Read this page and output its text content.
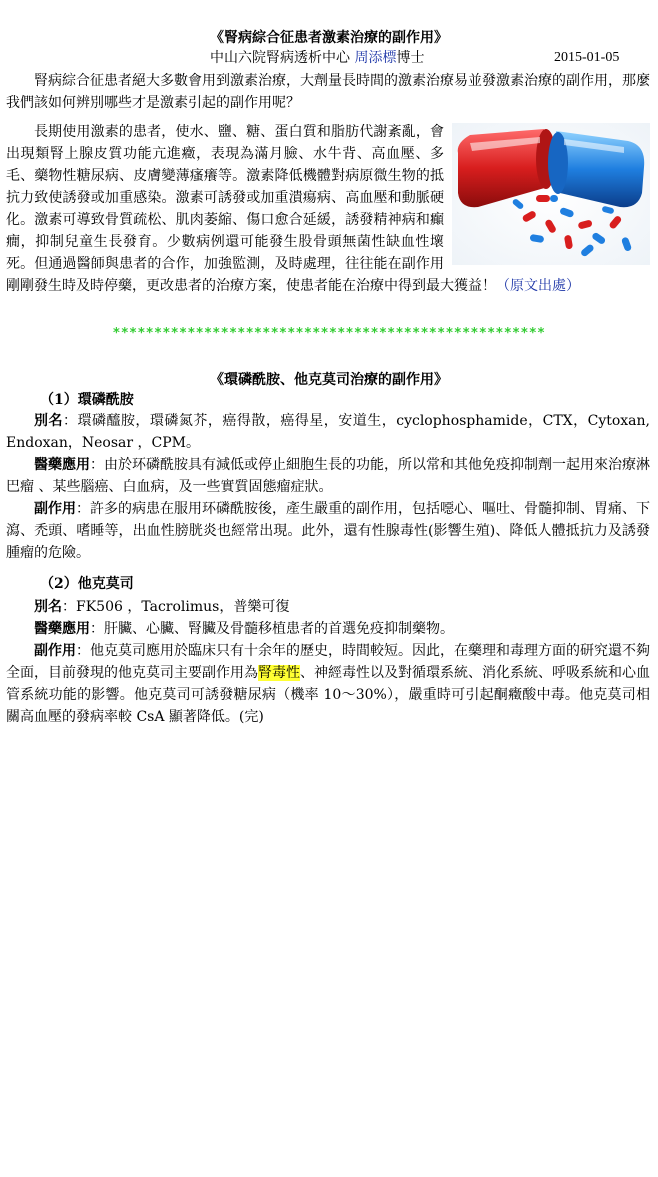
《腎病綜合征患者激素治療的副作用》
中山六院腎病透析中心 周添標博士	2015-01-05
腎病綜合征患者絕大多數會用到激素治療，大劑量長時間的激素治療易並發激素治療的副作用，那麼我們該如何辨別哪些才是激素引起的副作用呢？
長期使用激素的患者，使水、鹽、糖、蛋白質和脂肪代謝紊亂，會出現類腎上腺皮質功能亢進癥，表現為滿月臉、水牛背、高血壓、多毛、藥物性糖尿病、皮膚變薄瘙癢等。激素降低機體對病原微生物的抵抗力致使誘發或加重感染。激素可誘發或加重潰瘍病、高血壓和動脈硬化。激素可導致骨質疏松、肌肉萎縮、傷口愈合延緩，誘發精神病和癲癇，抑制兒童生長發育。少數病例還可能發生股骨頭無菌性缺血性壞死。但通過醫師與患者的合作，加強監測，及時處理，往往能在副作用剛剛發生時及時停藥，更改患者的治療方案，使患者能在治療中得到最大獲益！（原文出處）
****************************************************
《環磷酰胺、他克莫司治療的副作用》
（1）環磷酰胺
別名：環磷醯胺，環磷氮芥，癌得散，癌得星，安道生，cyclophosphamide，CTX，Cytoxan, Endoxan，Neosar ，CPM。
醫藥應用：由於环磷酰胺具有減低或停止細胞生長的功能，所以常和其他免疫抑制劑一起用來治療淋巴瘤 、某些腦癌、白血病，及一些實質固態瘤症狀。
副作用：許多的病患在服用环磷酰胺後，產生嚴重的副作用，包括噁心、嘔吐、骨髓抑制、胃痛、下瀉、禿頭、嗜睡等，出血性膀胱炎也經常出現。此外，還有性腺毒性(影響生殖)、降低人體抵抗力及誘發腫瘤的危險。
（2）他克莫司
別名：FK506 ，Tacrolimus，普樂可復
醫藥應用：肝臟、心臟、腎臟及骨髓移植患者的首選免疫抑制藥物。
副作用：他克莫司應用於臨床只有十余年的歷史，時間較短。因此，在藥理和毒理方面的研究還不夠全面，目前發現的他克莫司主要副作用為腎毒性、神經毒性以及對循環系統、消化系統、呼吸系統和心血管系統功能的影響。他克莫司可誘發糖尿病（機率 10～30%），嚴重時可引起酮癥酸中毒。他克莫司相關高血壓的發病率較 CsA 顯著降低。(完)
